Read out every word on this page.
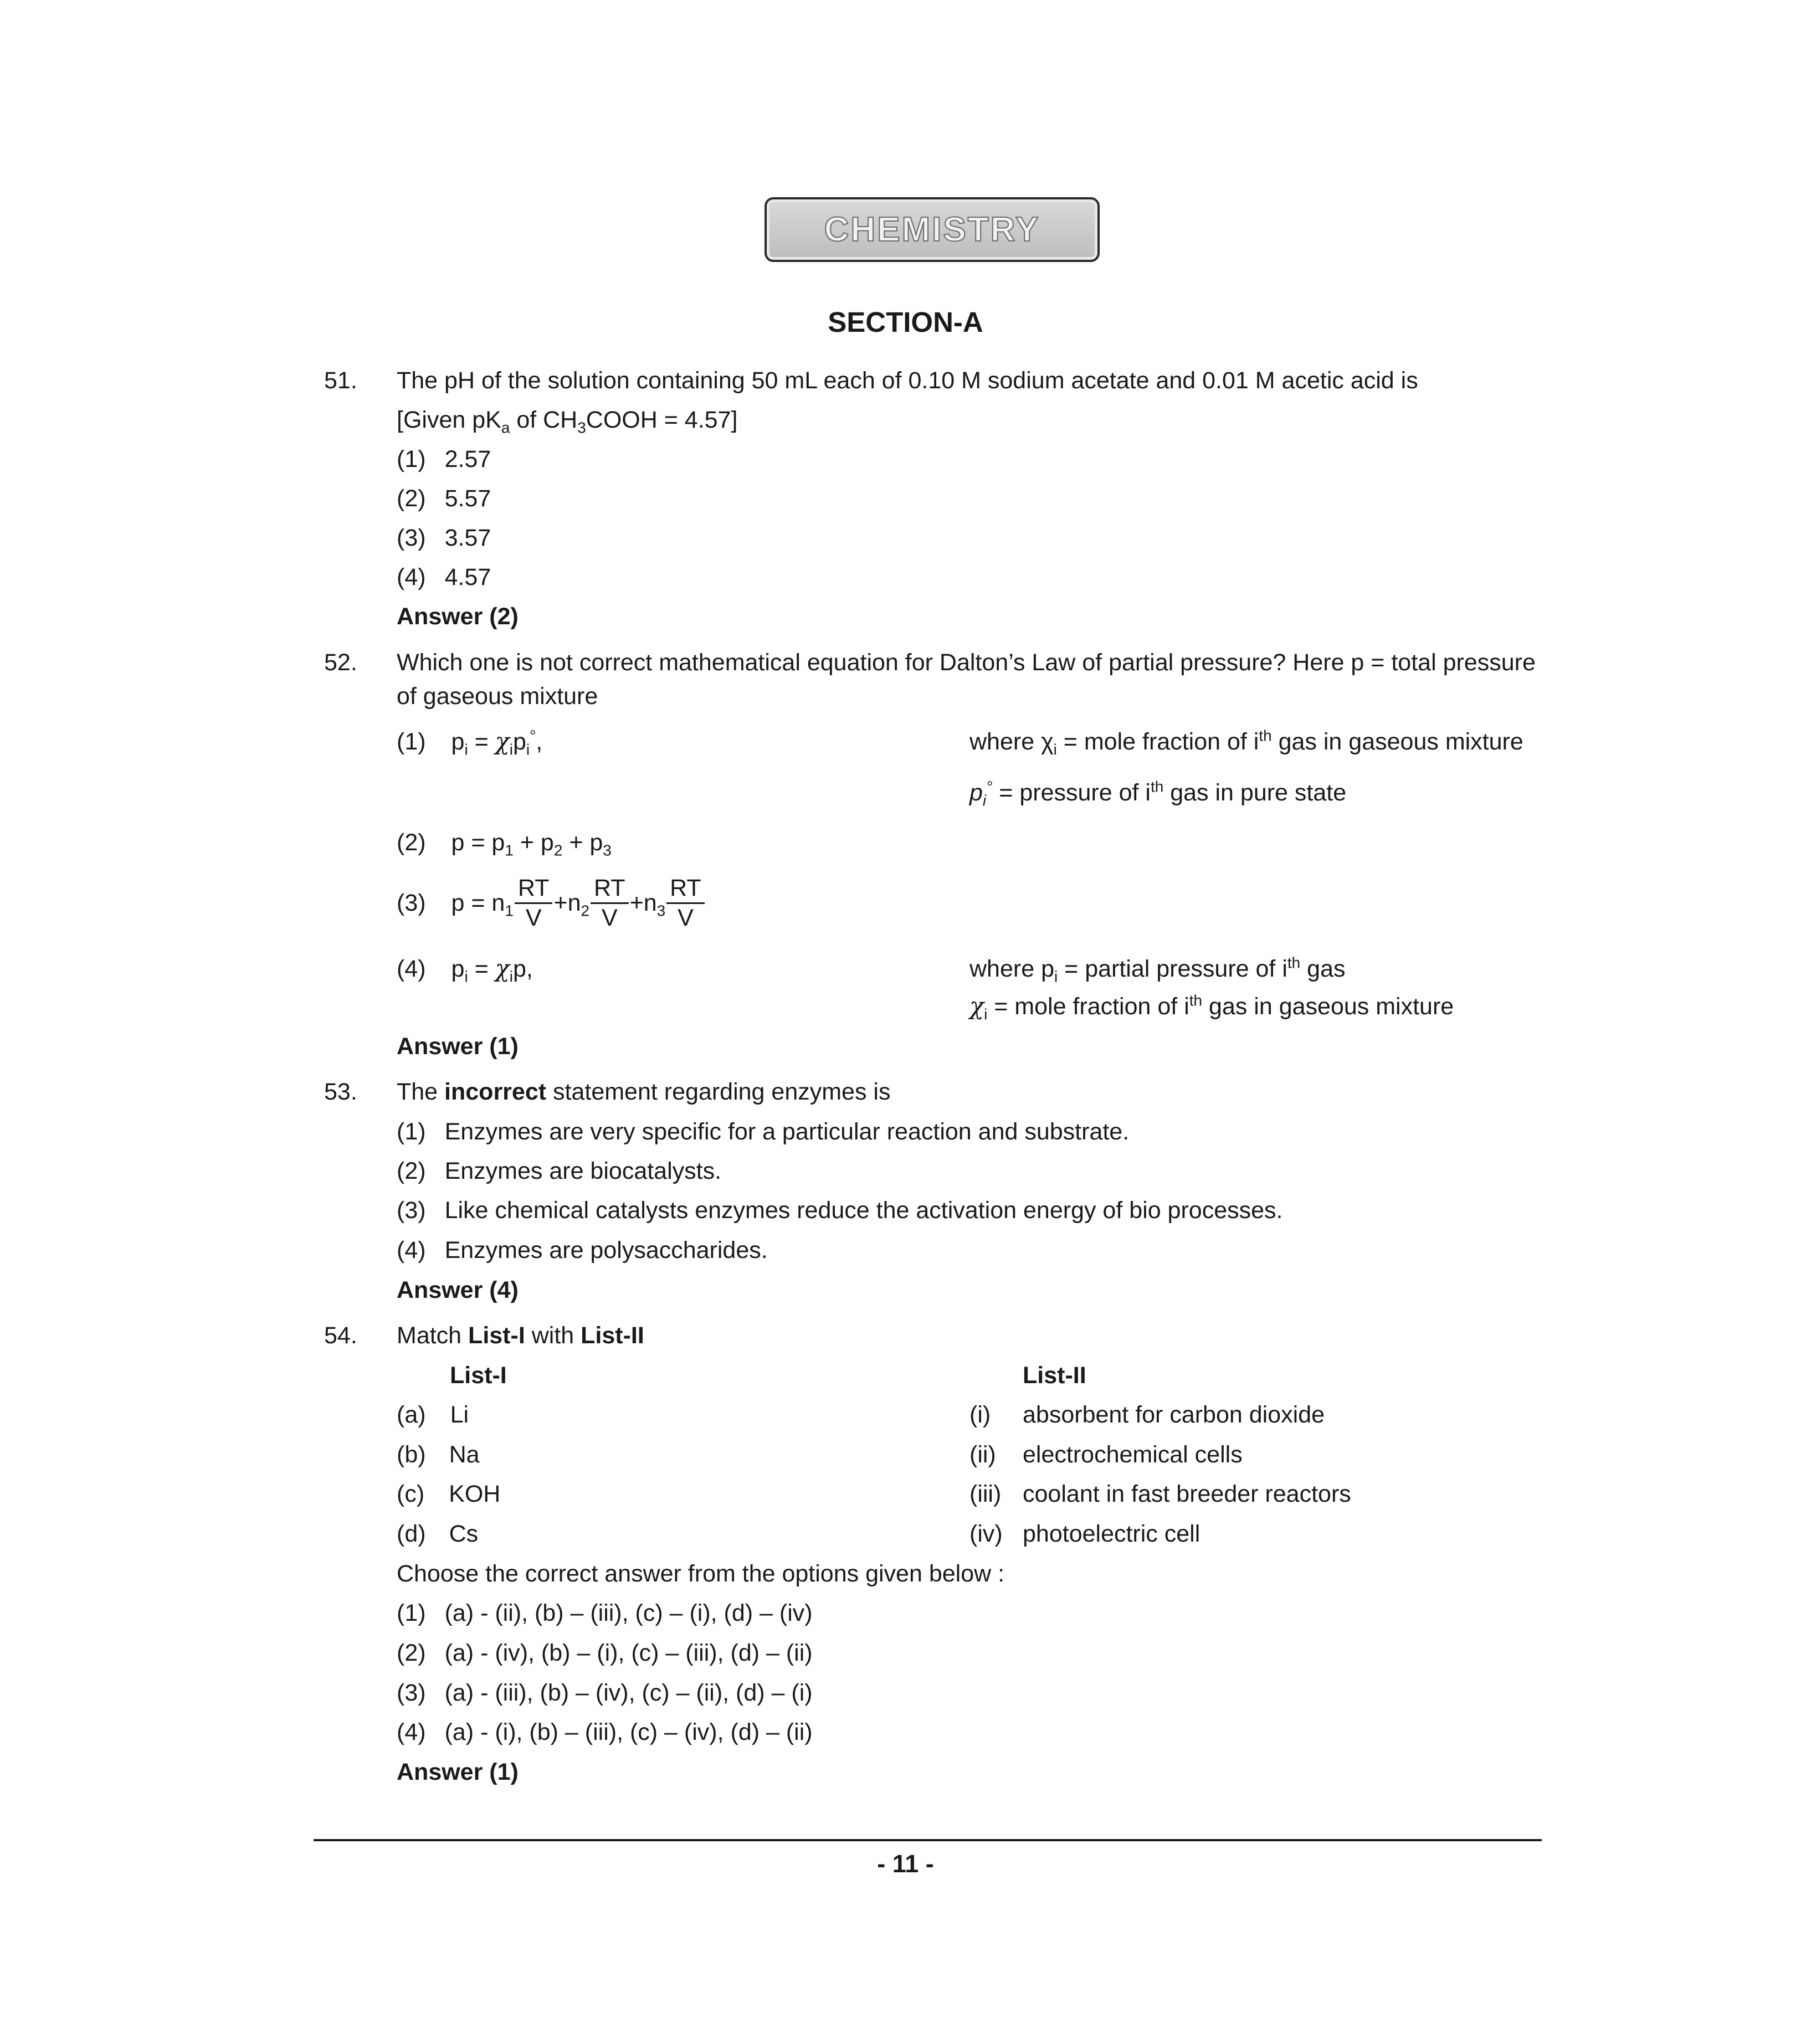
CHEMISTRY
SECTION-A
51. The pH of the solution containing 50 mL each of 0.10 M sodium acetate and 0.01 M acetic acid is
[Given $pK_a$ of $CH_3COOH = 4.57$]
(1) 2.57
(2) 5.57
(3) 3.57
(4) 4.57
Answer (2)
52. Which one is not correct mathematical equation for Dalton’s Law of partial pressure? Here p = total pressure
of gaseous mixture
(1) $p_i = \chi_ip_i^\circ$,	where $\chi_i$ = mole fraction of $i^{th}$ gas in gaseous mixture
$p_i^\circ$ = pressure of $i^{th}$ gas in pure state
(2) $p = p_1 + p_2 + p_3$
(3) $p = n_1 \frac{RT}{V} +n_2 \frac{RT}{V} +n_3 \frac{RT}{V}$
(4) $p_i = \chi_ip$,	where $p_i$ = partial pressure of $i^{th}$ gas
$\chi_i$ = mole fraction of $i^{th}$ gas in gaseous mixture
Answer (1)
53. The incorrect statement regarding enzymes is
(1) Enzymes are very specific for a particular reaction and substrate.
(2) Enzymes are biocatalysts.
(3) Like chemical catalysts enzymes reduce the activation energy of bio processes.
(4) Enzymes are polysaccharides.
Answer (4)
54. Match List-I with List-II
List-I	List-II
(a) Li	(i) absorbent for carbon dioxide
(b) Na	(ii) electrochemical cells
(c) KOH	(iii) coolant in fast breeder reactors
(d) Cs	(iv) photoelectric cell
Choose the correct answer from the options given below :
(1) (a) - (ii), (b) – (iii), (c) – (i), (d) – (iv)
(2) (a) - (iv), (b) – (i), (c) – (iii), (d) – (ii)
(3) (a) - (iii), (b) – (iv), (c) – (ii), (d) – (i)
(4) (a) - (i), (b) – (iii), (c) – (iv), (d) – (ii)
Answer (1)
- 11 -
